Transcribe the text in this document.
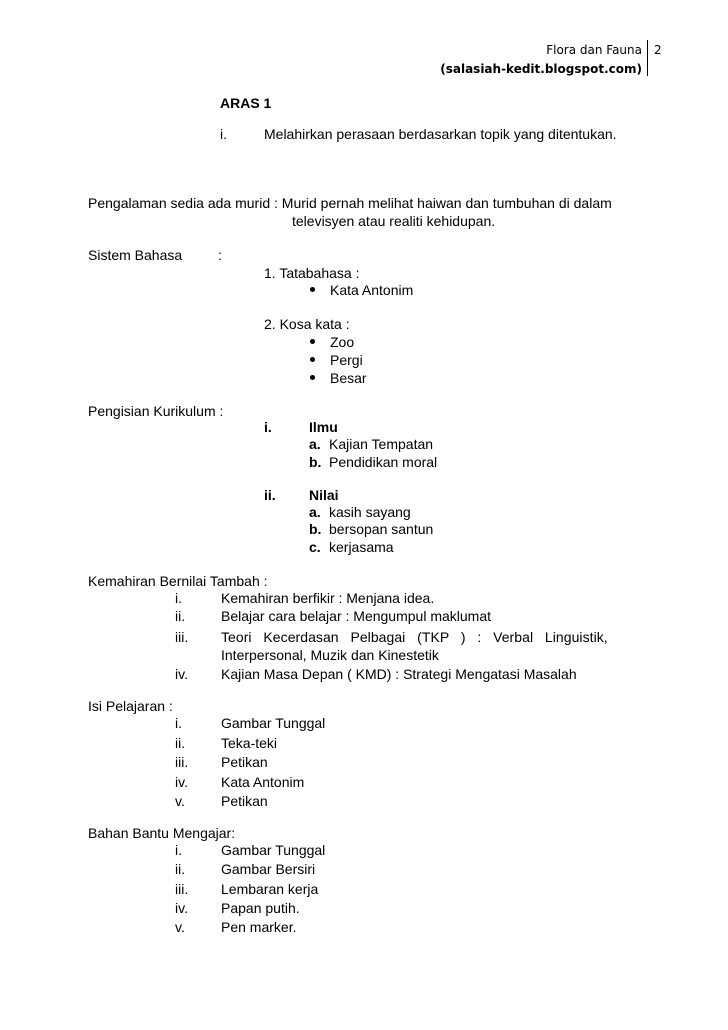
Flora dan Fauna 2
(salasiah-kedit.blogspot.com)
ARAS 1
i.	Melahirkan perasaan berdasarkan topik yang ditentukan.
Pengalaman sedia ada murid : Murid pernah melihat haiwan dan tumbuhan di dalam
televisyen atau realiti kehidupan.
Sistem Bahasa	:
1. Tatabahasa :
Kata Antonim
2. Kosa kata :
Zoo
Pergi
Besar
Pengisian Kurikulum :
i.	Ilmu
a. Kajian Tempatan
b. Pendidikan moral
ii. Nilai
a. kasih sayang
b. bersopan santun
c. kerjasama
Kemahiran Bernilai Tambah :
i.	Kemahiran berfikir : Menjana idea.
ii.	Belajar cara belajar : Mengumpul maklumat
iii. Teori   Kecerdasan   Pelbagai   (TKP   )   :   Verbal   Linguistik,
Interpersonal, Muzik dan Kinestetik
iv. Kajian Masa Depan ( KMD) : Strategi Mengatasi Masalah
Isi Pelajaran :
i.	Gambar Tunggal
ii.	Teka-teki
iii. Petikan
iv. Kata Antonim
v.	Petikan
Bahan Bantu Mengajar:
i.	Gambar Tunggal
ii.	Gambar Bersiri
iii. Lembaran kerja
iv. Papan putih.
v.	Pen marker.
